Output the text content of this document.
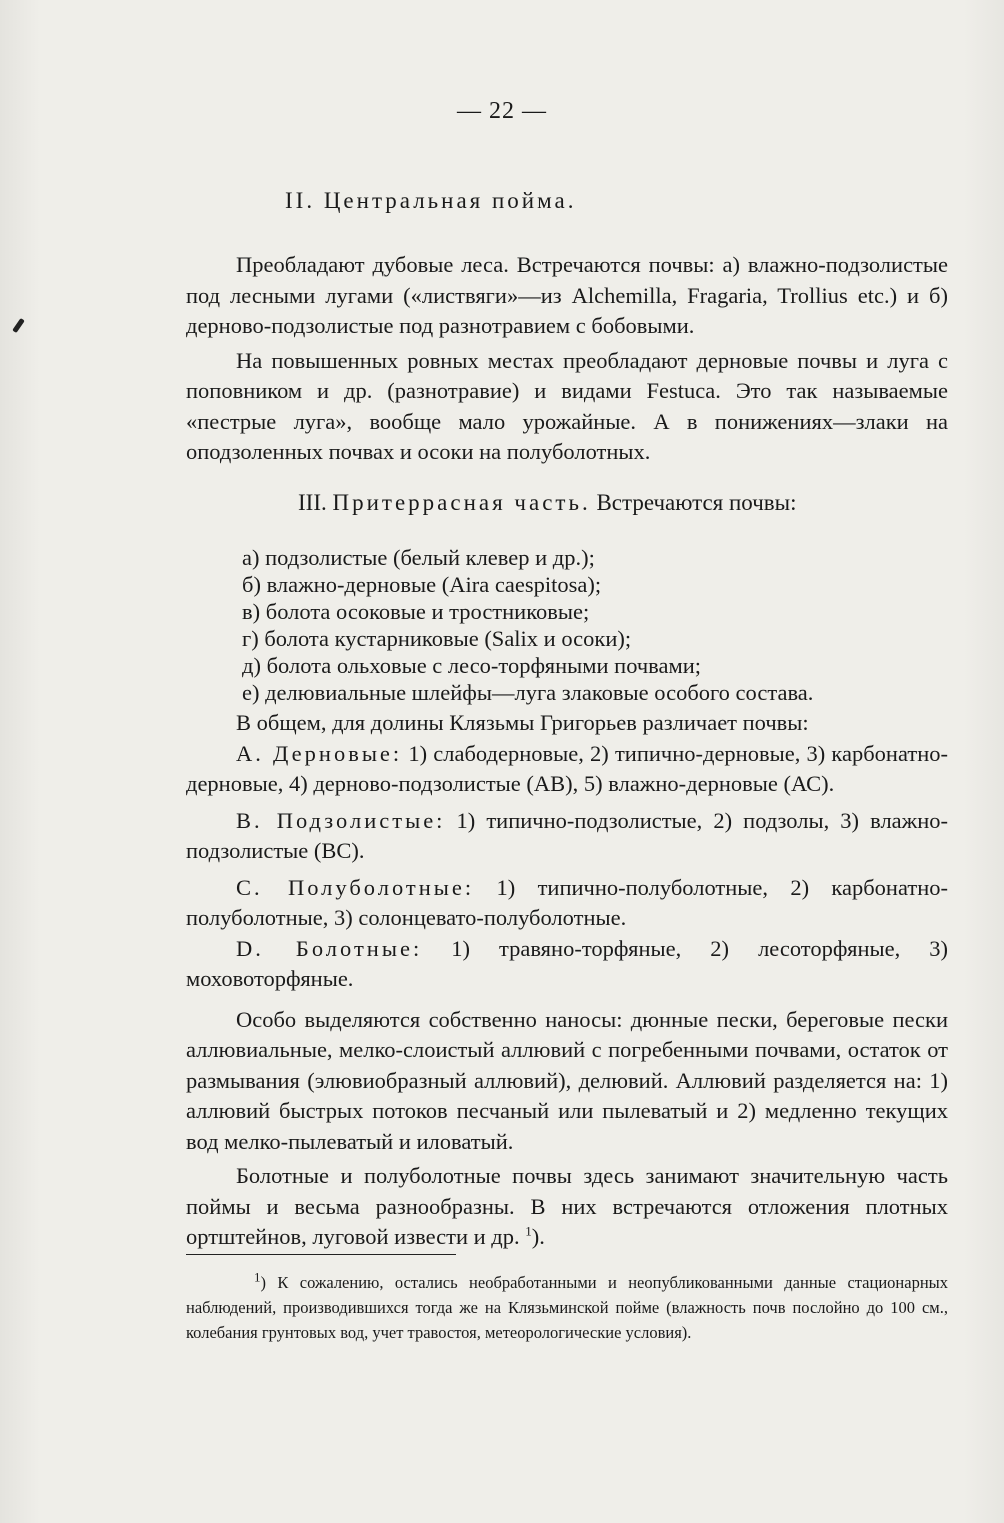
— 22 —
II. Центральная пойма.

Преобладают дубовые леса. Встречаются почвы: а) влажно-подзолистые под лесными лугами («листвяги»—из Alchemilla, Fragaria, Trollius etc.) и б) дерново-подзолистые под разнотравием с бобовыми.

На повышенных ровных местах преобладают дерновые почвы и луга с поповником и др. (разнотравие) и видами Festuca. Это так называемые «пестрые луга», вообще мало урожайные. А в понижениях—злаки на оподзоленных почвах и осоки на полуболотных.

III. Притеррасная часть. Встречаются почвы:
а) подзолистые (белый клевер и др.);
б) влажно-дерновые (Aira caespitosa);
в) болота осоковые и тростниковые;
г) болота кустарниковые (Salix и осоки);
д) болота ольховые с лесо-торфяными почвами;
е) делювиальные шлейфы—луга злаковые особого состава.

В общем, для долины Клязьмы Григорьев различает почвы:

А. Дерновые: 1) слабодерновые, 2) типично-дерновые, 3) карбонатно-дерновые, 4) дерново-подзолистые (АВ), 5) влажно-дерновые (АС).

В. Подзолистые: 1) типично-подзолистые, 2) подзолы, 3) влажно-подзолистые (ВС).

С. Полуболотные: 1) типично-полуболотные, 2) карбонатно-полуболотные, 3) солонцевато-полуболотные.

D. Болотные: 1) травяно-торфяные, 2) лесоторфяные, 3) моховоторфяные.

Особо выделяются собственно наносы: дюнные пески, береговые пески аллювиальные, мелко-слоистый аллювий с погребенными почвами, остаток от размывания (элювиобразный аллювий), делювий. Аллювий разделяется на: 1) аллювий быстрых потоков песчаный или пылеватый и 2) медленно текущих вод мелко-пылеватый и иловатый.

Болотные и полуболотные почвы здесь занимают значительную часть поймы и весьма разнообразны. В них встречаются отложения плотных ортштейнов, луговой извести и др. $^1$).

$^1$) К сожалению, остались необработанными и неопубликованными данные стационарных наблюдений, производившихся тогда же на Клязьминской пойме (влажность почв послойно до 100 см., колебания грунтовых вод, учет травостоя, метеорологические условия).
